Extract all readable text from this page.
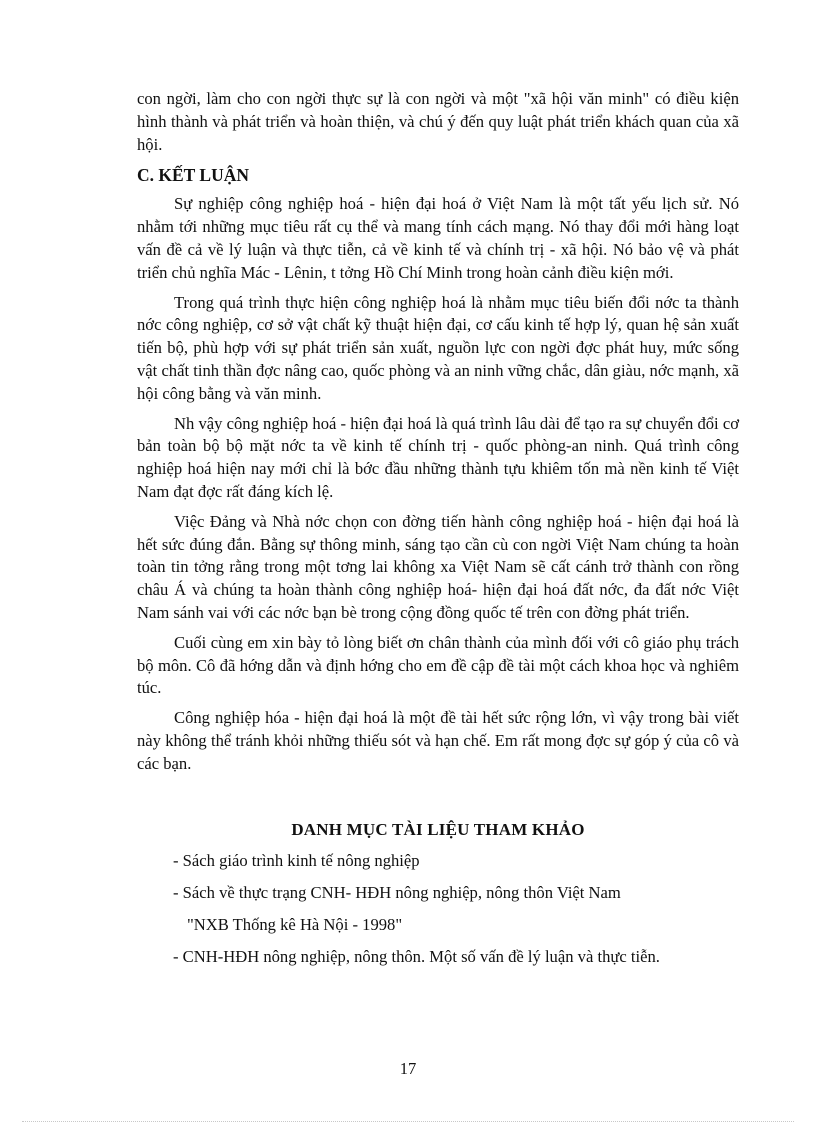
con ngời, làm cho con ngời thực sự là con ngời và một "xã hội văn minh" có điều kiện hình thành và phát triển và hoàn thiện, và chú ý đến quy luật phát triển khách quan của xã hội.

C. KẾT LUẬN

Sự nghiệp công nghiệp hoá - hiện đại hoá ở Việt Nam là một tất yếu lịch sử. Nó nhằm tới những mục tiêu rất cụ thể và mang tính cách mạng. Nó thay đổi mới hàng loạt vấn đề cả về lý luận và thực tiễn, cả về kinh tế và chính trị - xã hội. Nó bảo vệ và phát triển chủ nghĩa Mác - Lênin, t tởng Hồ Chí Minh trong hoàn cảnh điều kiện mới.

Trong quá trình thực hiện công nghiệp hoá là nhằm mục tiêu biến đổi nớc ta thành nớc công nghiệp, cơ sở vật chất kỹ thuật hiện đại, cơ cấu kinh tế hợp lý, quan hệ sản xuất tiến bộ, phù hợp với sự phát triển sản xuất, nguồn lực con ngời đợc phát huy, mức sống vật chất tinh thần đợc nâng cao, quốc phòng và an ninh vững chắc, dân giàu, nớc mạnh, xã hội công bằng và văn minh.

Nh vậy công nghiệp hoá - hiện đại hoá là quá trình lâu dài để tạo ra sự chuyển đổi cơ bản toàn bộ bộ mặt nớc ta về kinh tế chính trị - quốc phòng-an ninh. Quá trình công nghiệp hoá hiện nay mới chỉ là bớc đầu những thành tựu khiêm tốn mà nền kinh tế Việt Nam đạt đợc rất đáng kích lệ.

Việc Đảng và Nhà nớc chọn con đờng tiến hành công nghiệp hoá - hiện đại hoá là hết sức đúng đắn. Bằng sự thông minh, sáng tạo cần cù con ngời Việt Nam chúng ta hoàn toàn tin tởng rằng trong một tơng lai không xa Việt Nam sẽ cất cánh trở thành con rồng châu Á và chúng ta hoàn thành công nghiệp hoá- hiện đại hoá đất nớc, đa đất nớc Việt Nam sánh vai với các nớc bạn bè trong cộng đồng quốc tế trên con đờng phát triển.

Cuối cùng em xin bày tỏ lòng biết ơn chân thành của mình đối với cô giáo phụ trách bộ môn. Cô đã hớng dẫn và định hớng cho em đề cập đề tài một cách khoa học và nghiêm túc.

Công nghiệp hóa - hiện đại hoá là một đề tài hết sức rộng lớn, vì vậy trong bài viết này không thể tránh khỏi những thiếu sót và hạn chế. Em rất mong đợc sự góp ý của cô và các bạn.

DANH MỤC TÀI LIỆU THAM KHẢO
- Sách giáo trình kinh tế nông nghiệp
- Sách về thực trạng CNH- HĐH nông nghiệp, nông thôn Việt Nam
"NXB Thống kê Hà Nội - 1998"
- CNH-HĐH nông nghiệp, nông thôn. Một số vấn đề lý luận và thực tiễn.
17
